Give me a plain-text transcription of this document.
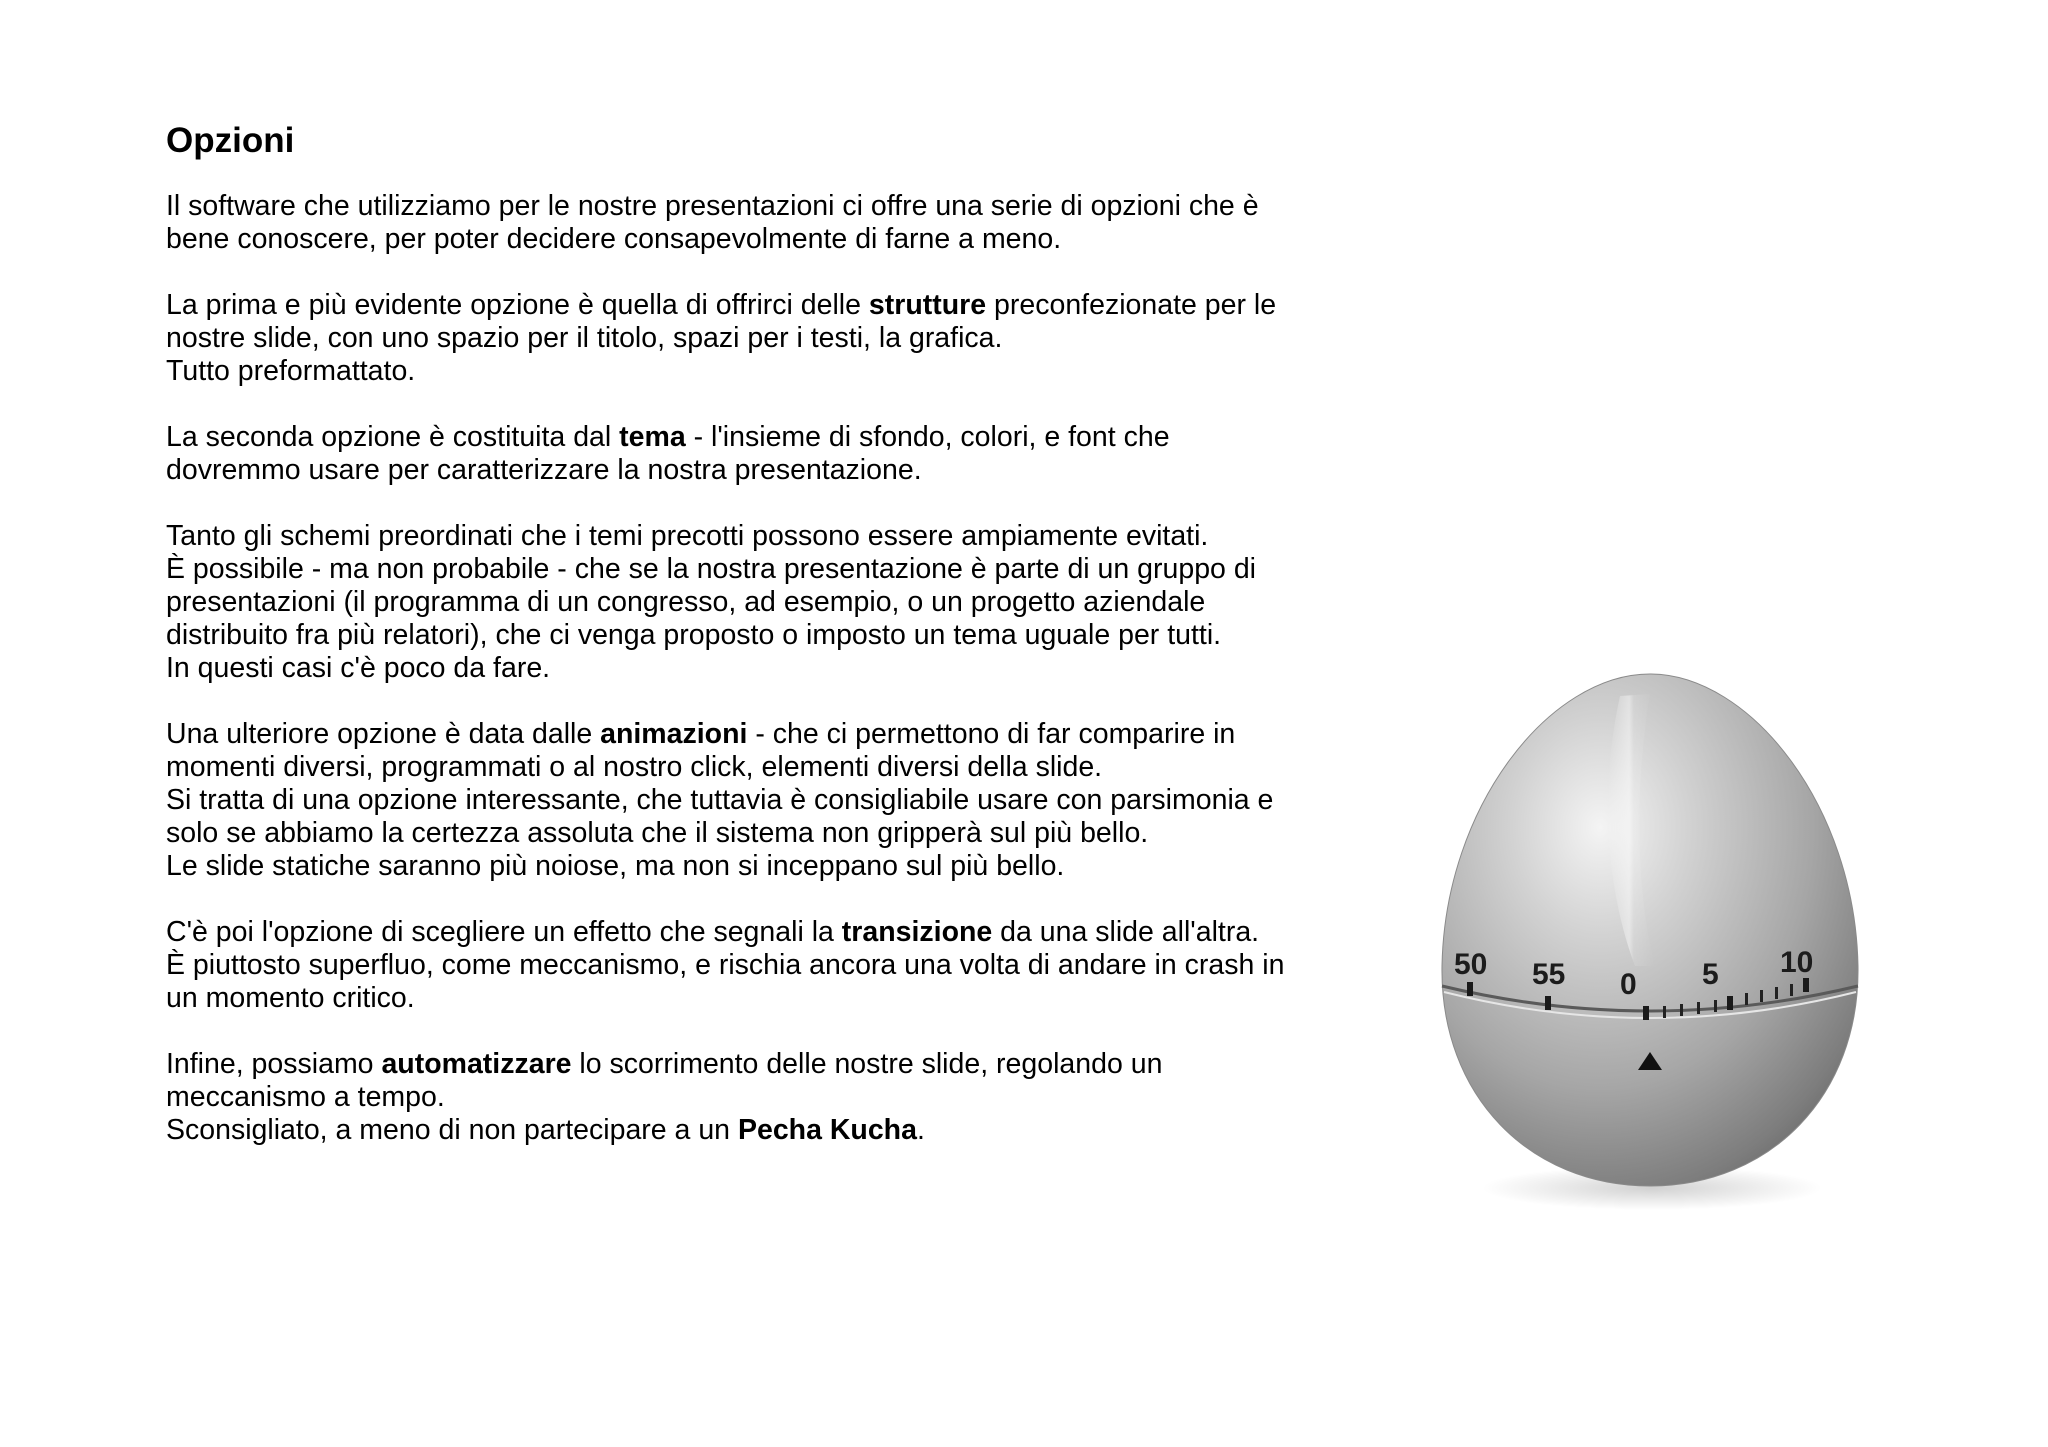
Opzioni

Il software che utilizziamo per le nostre presentazioni ci offre una serie di opzioni che è
bene conoscere, per poter decidere consapevolmente di farne a meno.

La prima e più evidente opzione è quella di offrirci delle strutture preconfezionate per le
nostre slide, con uno spazio per il titolo, spazi per i testi, la grafica.
Tutto preformattato.

La seconda opzione è costituita dal tema - l'insieme di sfondo, colori, e font che
dovremmo usare per caratterizzare la nostra presentazione.

Tanto gli schemi preordinati che i temi precotti possono essere ampiamente evitati.
È possibile - ma non probabile - che se la nostra presentazione è parte di un gruppo di
presentazioni (il programma di un congresso, ad esempio, o un progetto aziendale
distribuito fra più relatori), che ci venga proposto o imposto un tema uguale per tutti.
In questi casi c'è poco da fare.

Una ulteriore opzione è data dalle animazioni - che ci permettono di far comparire in
momenti diversi, programmati o al nostro click, elementi diversi della slide.
Si tratta di una opzione interessante, che tuttavia è consigliabile usare con parsimonia e
solo se abbiamo la certezza assoluta che il sistema non gripperà sul più bello.
Le slide statiche saranno più noiose, ma non si inceppano sul più bello.

C'è poi l'opzione di scegliere un effetto che segnali la transizione da una slide all'altra.
È piuttosto superfluo, come meccanismo, e rischia ancora una volta di andare in crash in
un momento critico.

Infine, possiamo automatizzare lo scorrimento delle nostre slide, regolando un
meccanismo a tempo.
Sconsigliato, a meno di non partecipare a un Pecha Kucha.

50 55 0 5 10
